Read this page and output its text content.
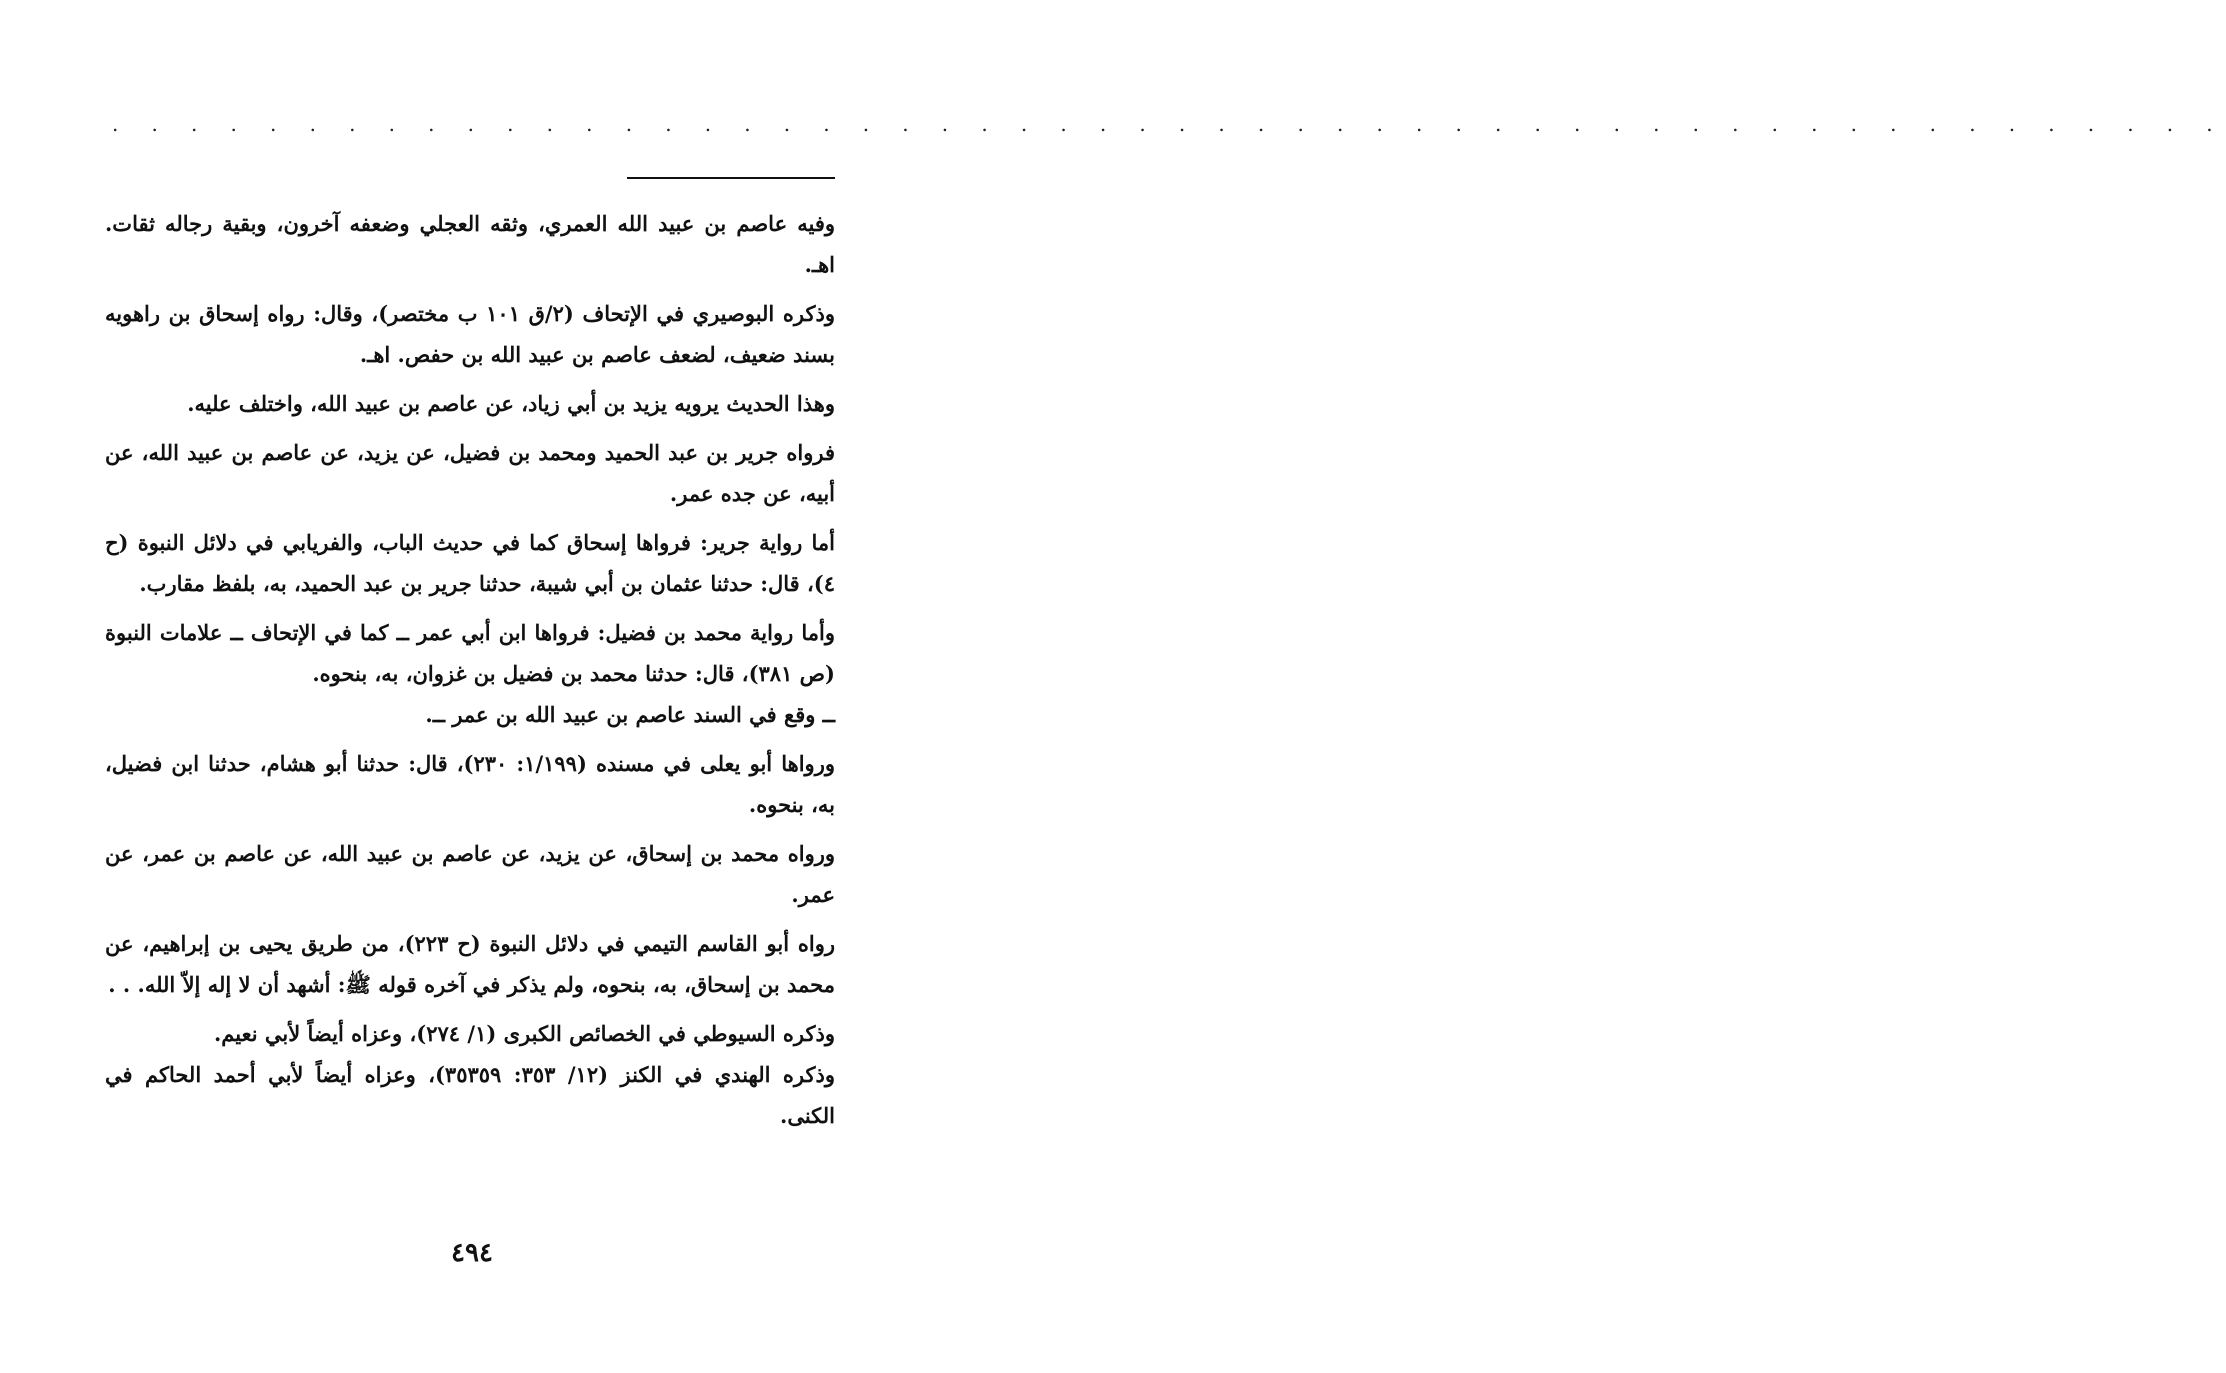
. . . . . . . . . . . . . . . . . . . . . . . . . . . . . . . . . . . . . . . . . . . . . . . . . . . . . .

وفيه عاصم بن عبيد الله العمري، وثقه العجلي وضعفه آخرون، وبقية رجاله ثقات. اهـ.

وذكره البوصيري في الإتحاف (٢/ق ١٠١ ب مختصر)، وقال: رواه إسحاق بن راهويه بسند ضعيف، لضعف عاصم بن عبيد الله بن حفص. اهـ.

وهذا الحديث يرويه يزيد بن أبي زياد، عن عاصم بن عبيد الله، واختلف عليه.

فرواه جرير بن عبد الحميد ومحمد بن فضيل، عن يزيد، عن عاصم بن عبيد الله، عن أبيه، عن جده عمر.

أما رواية جرير: فرواها إسحاق كما في حديث الباب، والفريابي في دلائل النبوة (ح ٤)، قال: حدثنا عثمان بن أبي شيبة، حدثنا جرير بن عبد الحميد، به، بلفظ مقارب.

وأما رواية محمد بن فضيل: فرواها ابن أبي عمر ــ كما في الإتحاف ــ علامات النبوة (ص ٣٨١)، قال: حدثنا محمد بن فضيل بن غزوان، به، بنحوه.

ــ وقع في السند عاصم بن عبيد الله بن عمر ــ.

ورواها أبو يعلى في مسنده (١/١٩٩: ٢٣٠)، قال: حدثنا أبو هشام، حدثنا ابن فضيل، به، بنحوه.

ورواه محمد بن إسحاق، عن يزيد، عن عاصم بن عبيد الله، عن عاصم بن عمر، عن عمر.

رواه أبو القاسم التيمي في دلائل النبوة (ح ٢٢٣)، من طريق يحيى بن إبراهيم، عن محمد بن إسحاق، به، بنحوه، ولم يذكر في آخره قوله ﷺ: أشهد أن لا إله إلاّ الله. . .

وذكره السيوطي في الخصائص الكبرى (١/ ٢٧٤)، وعزاه أيضاً لأبي نعيم.

وذكره الهندي في الكنز (١٢/ ٣٥٣: ٣٥٣٥٩)، وعزاه أيضاً لأبي أحمد الحاكم في الكنى.

٤٩٤
